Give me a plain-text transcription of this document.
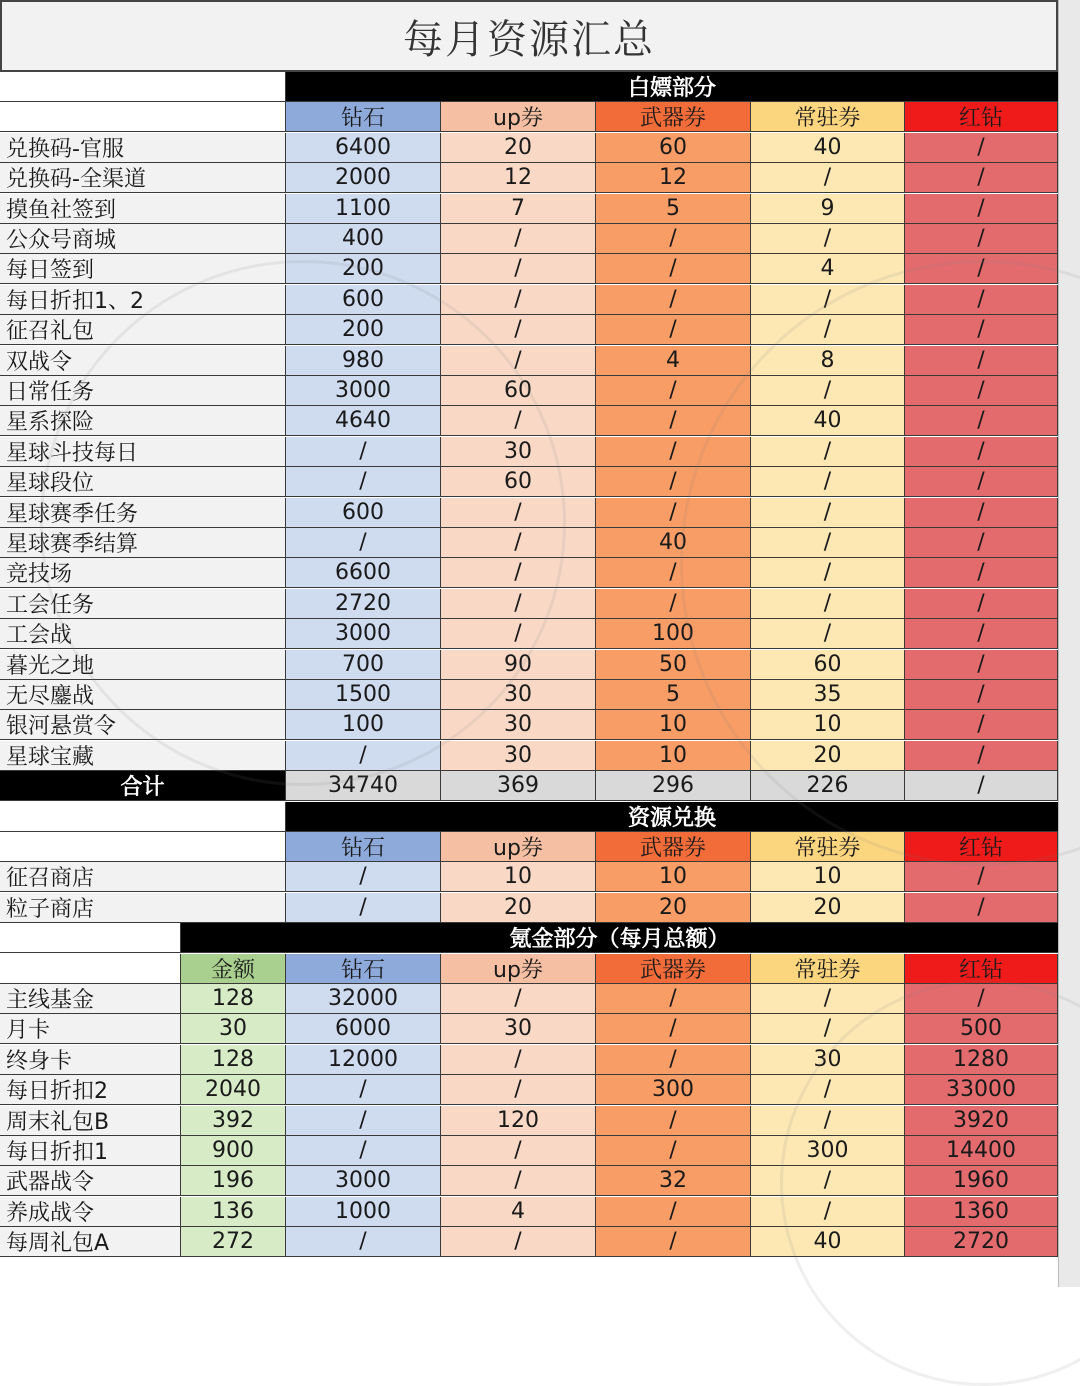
每月资源汇总
白嫖部分
钻石	up券	武器券	常驻券	红钻
兑换码-官服	6400	20	60	40	/
兑换码-全渠道	2000	12	12	/	/
摸鱼社签到	1100	7	5	9	/
公众号商城	400	/	/	/	/
每日签到	200	/	/	4	/
每日折扣1、2	600	/	/	/	/
征召礼包	200	/	/	/	/
双战令	980	/	4	8	/
日常任务	3000	60	/	/	/
星系探险	4640	/	/	40	/
星球斗技每日	/	30	/	/	/
星球段位	/	60	/	/	/
星球赛季任务	600	/	/	/	/
星球赛季结算	/	/	40	/	/
竞技场	6600	/	/	/	/
工会任务	2720	/	/	/	/
工会战	3000	/	100	/	/
暮光之地	700	90	50	60	/
无尽鏖战	1500	30	5	35	/
银河悬赏令	100	30	10	10	/
星球宝藏	/	30	10	20	/
合计	34740	369	296	226	/
资源兑换
钻石	up券	武器券	常驻券	红钻
征召商店	/	10	10	10	/
粒子商店	/	20	20	20	/
氪金部分（每月总额）
金额	钻石	up券	武器券	常驻券	红钻
主线基金	128	32000	/	/	/	/
月卡	30	6000	30	/	/	500
终身卡	128	12000	/	/	30	1280
每日折扣2	2040	/	/	300	/	33000
周末礼包B	392	/	120	/	/	3920
每日折扣1	900	/	/	/	300	14400
武器战令	196	3000	/	32	/	1960
养成战令	136	1000	4	/	/	1360
每周礼包A	272	/	/	/	40	2720
